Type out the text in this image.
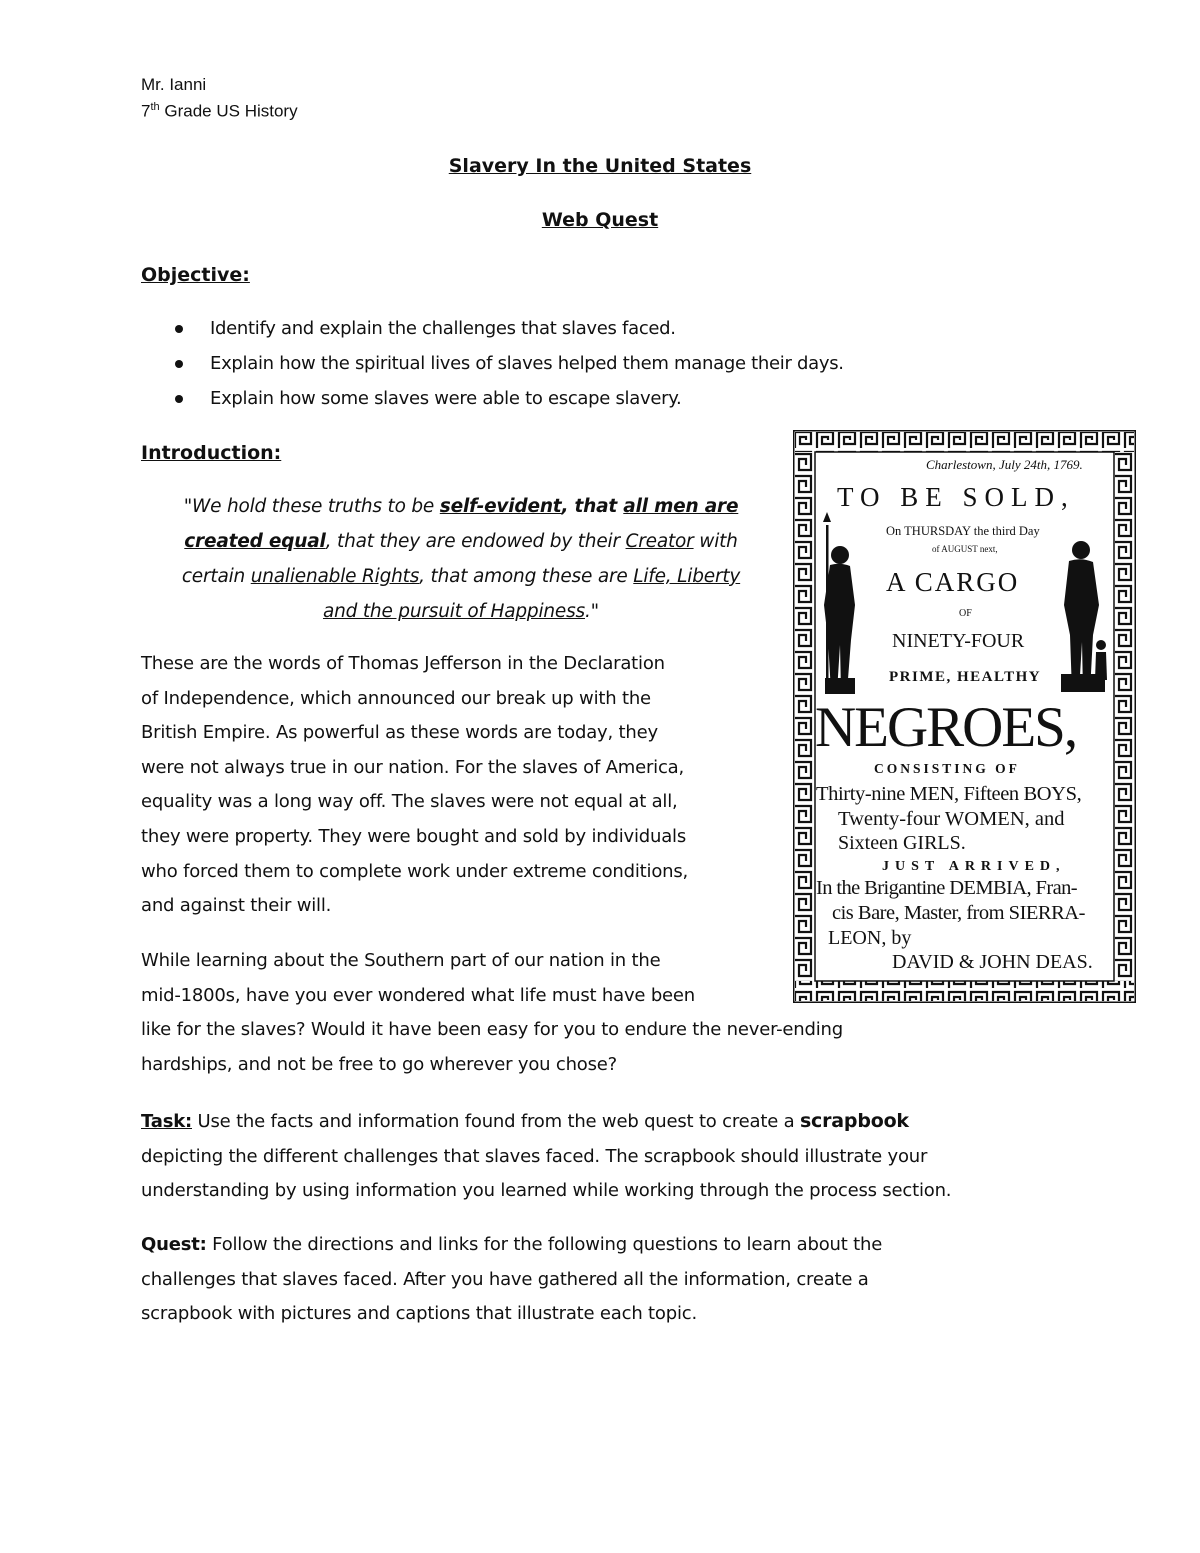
Mr. Ianni
7th Grade US History
Slavery In the United States
Web Quest
Objective:
Identify and explain the challenges that slaves faced.
Explain how the spiritual lives of slaves helped them manage their days.
Explain how some slaves were able to escape slavery.
Introduction:
"We hold these truths to be self-evident, that all men are
created equal, that they are endowed by their Creator with
certain unalienable Rights, that among these are Life, Liberty
and the pursuit of Happiness."
These are the words of Thomas Jefferson in the Declaration
of Independence, which announced our break up with the
British Empire. As powerful as these words are today, they
were not always true in our nation. For the slaves of America,
equality was a long way off. The slaves were not equal at all,
they were property. They were bought and sold by individuals
who forced them to complete work under extreme conditions,
and against their will.
While learning about the Southern part of our nation in the
mid-1800s, have you ever wondered what life must have been
like for the slaves? Would it have been easy for you to endure the never-ending
hardships, and not be free to go wherever you chose?
Task: Use the facts and information found from the web quest to create a scrapbook
depicting the different challenges that slaves faced. The scrapbook should illustrate your
understanding by using information you learned while working through the process section.
Quest: Follow the directions and links for the following questions to learn about the
challenges that slaves faced. After you have gathered all the information, create a
scrapbook with pictures and captions that illustrate each topic.
Charlestown, July 24th, 1769.
TO BE SOLD,
On THURSDAY the third Day
of AUGUST next,
A CARGO
OF
NINETY-FOUR
PRIME, HEALTHY
NEGROES,
CONSISTING OF
Thirty-nine MEN, Fifteen BOYS,
Twenty-four WOMEN, and
Sixteen GIRLS.
JUST ARRIVED,
In the Brigantine DEMBIA, Fran-
cis Bare, Master, from SIERRA-
LEON, by
DAVID & JOHN DEAS.
